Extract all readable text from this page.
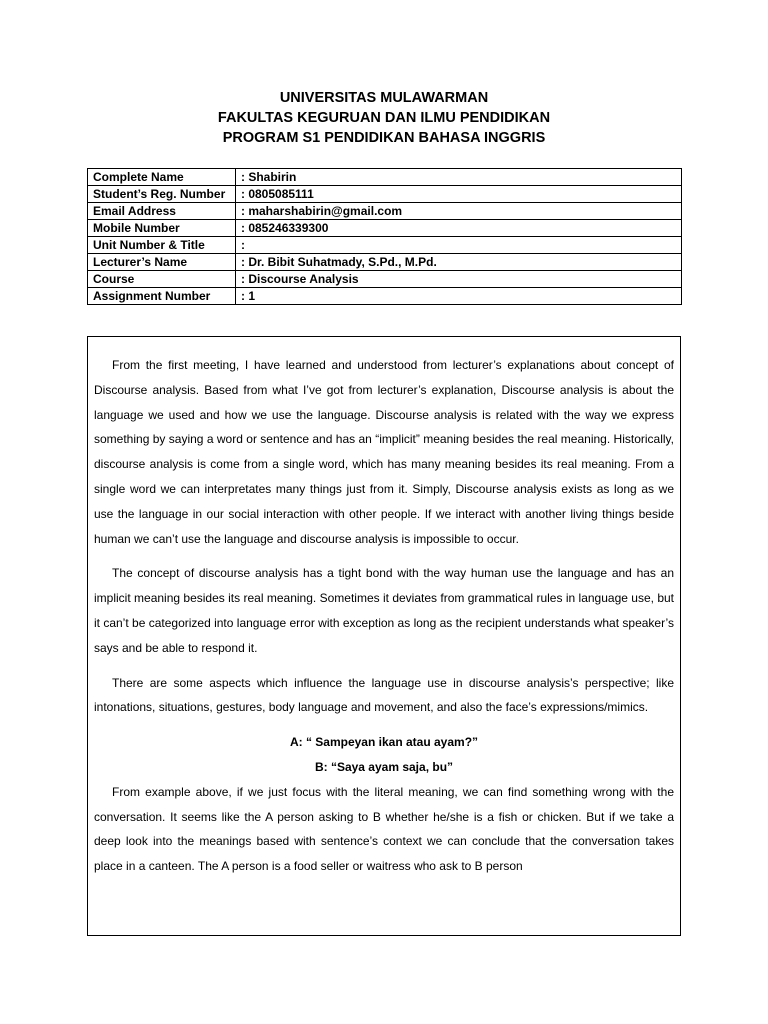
UNIVERSITAS MULAWARMAN
FAKULTAS KEGURUAN DAN ILMU PENDIDIKAN
PROGRAM S1 PENDIDIKAN BAHASA INGGRIS
Complete Name	: Shabirin
Student’s Reg. Number	: 0805085111
Email Address	: maharshabirin@gmail.com
Mobile Number	: 085246339300
Unit Number & Title	:
Lecturer’s Name	: Dr. Bibit Suhatmady, S.Pd., M.Pd.
Course	: Discourse Analysis
Assignment Number	: 1

From the first meeting, I have learned and understood from lecturer’s explanations about concept of Discourse analysis. Based from what I’ve got from lecturer’s explanation, Discourse analysis is about the language we used and how we use the language. Discourse analysis is related with the way we express something by saying a word or sentence and has an “implicit” meaning besides the real meaning. Historically, discourse analysis is come from a single word, which has many meaning besides its real meaning. From a single word we can interpretates many things just from it. Simply, Discourse analysis exists as long as we use the language in our social interaction with other people. If we interact with another living things beside human we can’t use the language and discourse analysis is impossible to occur.

The concept of discourse analysis has a tight bond with the way human use the language and has an implicit meaning besides its real meaning. Sometimes it deviates from grammatical rules in language use, but it can’t be categorized into language error with exception as long as the recipient understands what speaker’s says and be able to respond it.

There are some aspects which influence the language use in discourse analysis’s perspective; like intonations, situations, gestures, body language and movement, and also the face’s expressions/mimics.

A: “ Sampeyan ikan atau ayam?”

B: “Saya ayam saja, bu”

From example above, if we just focus with the literal meaning, we can find something wrong with the conversation. It seems like the A person asking to B whether he/she is a fish or chicken. But if we take a deep look into the meanings based with sentence’s context we can conclude that the conversation takes place in a canteen. The A person is a food seller or waitress who ask to B person
